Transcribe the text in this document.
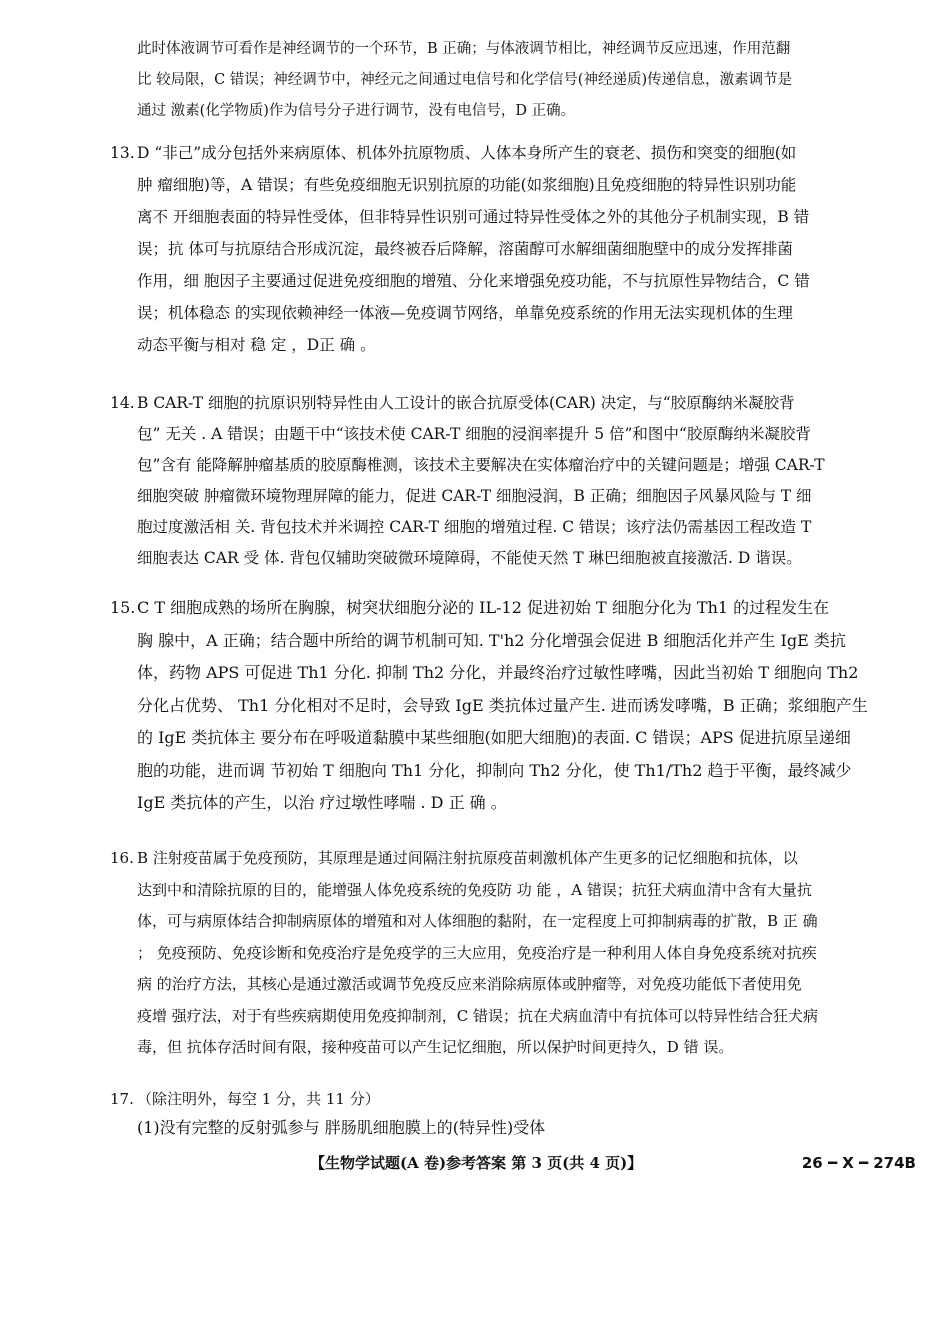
此时体液调节可看作是神经调节的一个环节，B 正确；与体液调节相比，神经调节反应迅速，作用范翻
比 较局限，C 错误；神经调节中，神经元之间通过电信号和化学信号(神经递质)传递信息，激素调节是
通过 激素(化学物质)作为信号分子进行调节，没有电信号，D 正确。
13. D “非己”成分包括外来病原体、机体外抗原物质、人体本身所产生的衰老、损伤和突变的细胞(如
肿 瘤细胞)等，A 错误；有些免疫细胞无识别抗原的功能(如浆细胞)且免疫细胞的特异性识别功能
离不 开细胞表面的特异性受体，但非特异性识别可通过特异性受体之外的其他分子机制实现，B 错
误；抗 体可与抗原结合形成沉淀，最终被吞后降解，溶菌醇可水解细菌细胞壁中的成分发挥排菌
作用，细 胞因子主要通过促进免疫细胞的增殖、分化来增强免疫功能，不与抗原性异物结合，C 错
误；机体稳态 的实现依赖神经一体液—免疫调节网络，单靠免疫系统的作用无法实现机体的生理
动态平衡与相对 稳 定 ，D正 确 。
14. B CAR-T 细胞的抗原识别特异性由人工设计的嵌合抗原受体(CAR) 决定，与“胶原酶纳米凝胶背
包” 无关 . A 错误；由题干中“该技术使 CAR-T 细胞的浸润率提升 5 倍”和图中“胶原酶纳米凝胶背
包”含有 能降解肿瘤基质的胶原酶椎测，该技术主要解决在实体瘤治疗中的关键问题是；增强 CAR-T
细胞突破 肿瘤微环境物理屏障的能力，促进 CAR-T 细胞浸润，B 正确；细胞因子风暴风险与 T 细
胞过度激活相 关. 背包技术并米调控 CAR-T 细胞的增殖过程. C 错误；该疗法仍需基因工程改造 T
细胞表达 CAR 受 体. 背包仅辅助突破微环境障碍，不能使天然 T 琳巴细胞被直接激活. D 谐误。
15.C T 细胞成熟的场所在胸腺，树突状细胞分泌的 IL-12 促进初始 T 细胞分化为 Th1 的过程发生在
胸 腺中，A 正确；结合题中所给的调节机制可知. T'h2 分化增强会促进 B 细胞活化并产生 IgE 类抗
体，药物 APS 可促进 Th1 分化. 抑制 Th2 分化，并最终治疗过敏性哮嘴，因此当初始 T 细胞向 Th2
分化占优势、 Th1 分化相对不足时，会导致 IgE 类抗体过量产生. 进而诱发哮嘴，B 正确；浆细胞产生
的 IgE 类抗体主 要分布在呼吸道黏膜中某些细胞(如肥大细胞)的表面. C 错误；APS 促进抗原呈递细
胞的功能，进而调 节初始 T 细胞向 Th1 分化，抑制向 Th2 分化，使 Th1/Th2 趋于平衡，最终减少
IgE 类抗体的产生，以治 疗过墩性哮喘 . D 正 确 。
16. B 注射疫苗属于免疫预防，其原理是通过间隔注射抗原疫苗刺激机体产生更多的记忆细胞和抗体，以
达到中和清除抗原的目的，能增强人体免疫系统的免疫防 功 能 ，A 错误；抗狂犬病血清中含有大量抗
体，可与病原体结合抑制病原体的增殖和对人体细胞的黏附，在一定程度上可抑制病毒的扩散，B 正 确
； 免疫预防、免疫诊断和免疫治疗是免疫学的三大应用，免疫治疗是一种利用人体自身免疫系统对抗疾
病 的治疗方法，其核心是通过激活或调节免疫反应来消除病原体或肿瘤等，对免疫功能低下者使用免
疫增 强疗法，对于有些疾病期使用免疫抑制剂，C 错误；抗在犬病血清中有抗体可以特异性结合狂犬病
毒，但 抗体存活时间有限，接种疫苗可以产生记忆细胞，所以保护时间更持久，D 错 误。
17. （除注明外，每空 1 分，共 11 分）
(1)没有完整的反射弧参与 胖肠肌细胞膜上的(特异性)受体
【生物学试题(A 卷)参考答案 第 3 页(共 4 页)】	26 ━ X ━ 274B
